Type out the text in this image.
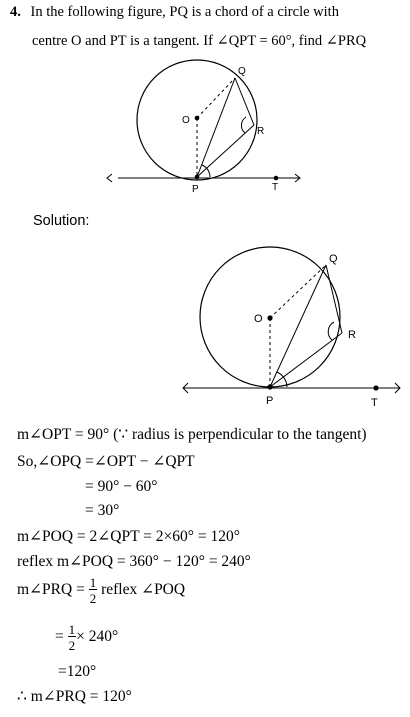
4. In the following figure, PQ is a chord of a circle with
centre O and PT is a tangent. If ∠QPT = 60°, find ∠PRQ
O
Q
R
P	T
Solution:
O
Q
R
P	T
m∠OPT = 90° (∵ radius is perpendicular to the tangent)
So,∠OPQ =∠OPT − ∠QPT
= 90° − 60°
= 30°
m∠POQ = 2∠QPT = 2×60° = 120°
reflex m∠POQ = 360° − 120° = 240°
m∠PRQ = $\frac{1}{2}$ reflex ∠POQ
= $\frac{1}{2} \times 240^\circ$
=120°
∴ m∠PRQ = 120°
